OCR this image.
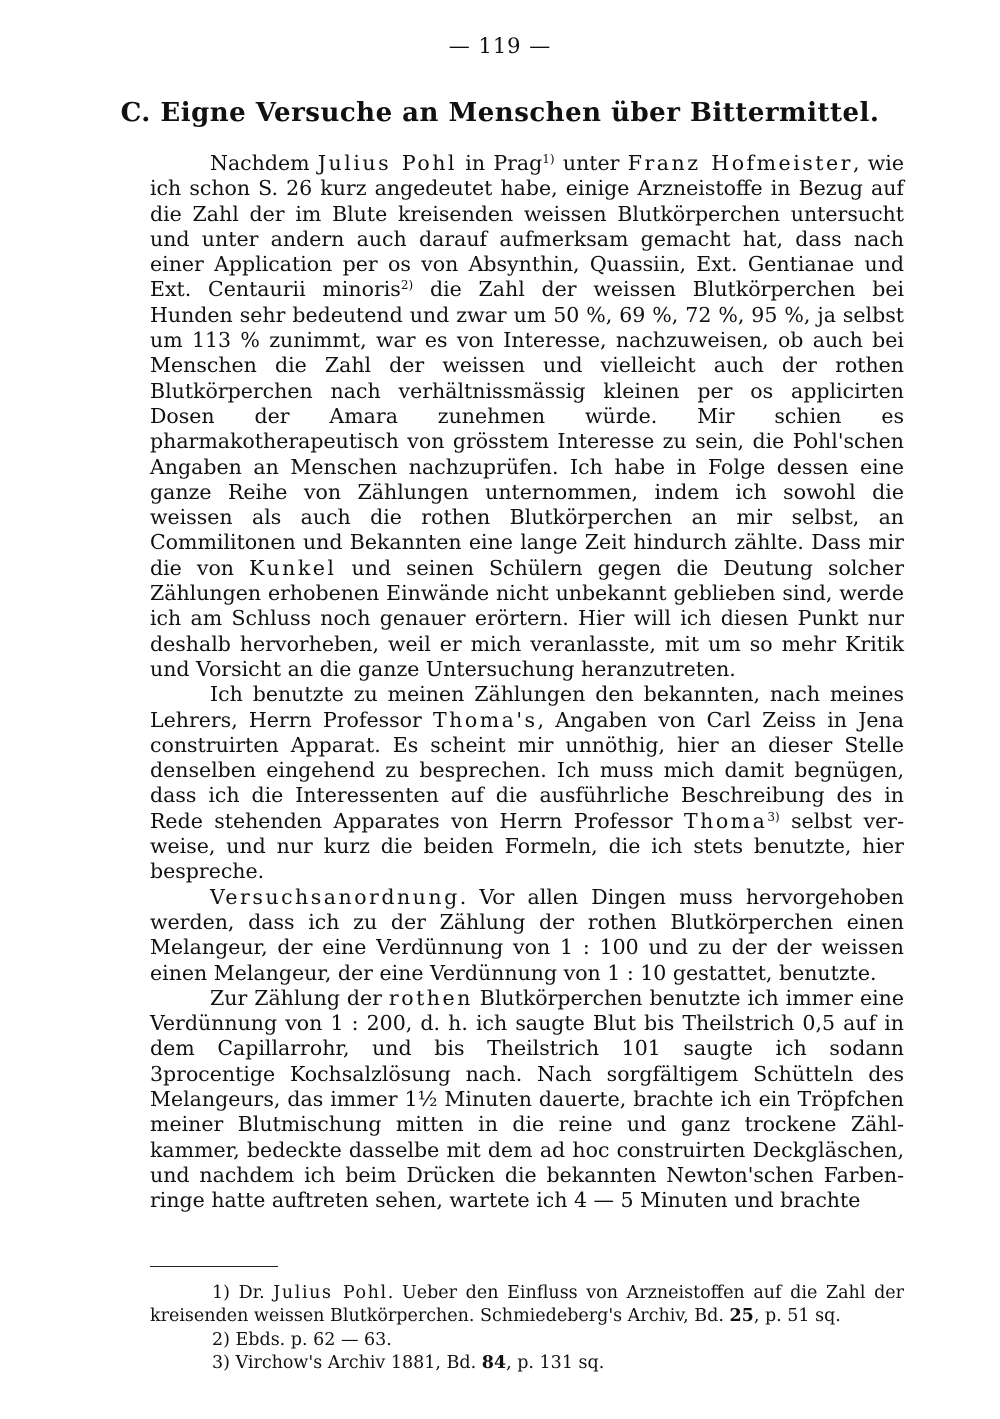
— 119 —
C. Eigne Versuche an Menschen über Bittermittel.

Nachdem Julius Pohl in Prag$^{1)}$ unter Franz Hofmeister, wie ich schon S. 26 kurz angedeutet habe, einige Arzneistoffe in Bezug auf die Zahl der im Blute kreisenden weissen Blutkörperchen untersucht und unter andern auch darauf aufmerksam gemacht hat, dass nach einer Application per os von Absynthin, Quassiin, Ext. Gentianae und Ext. Centaurii minoris$^{2)}$ die Zahl der weissen Blutkörperchen bei Hunden sehr bedeutend und zwar um 50 %, 69 %, 72 %, 95 %, ja selbst um 113 % zunimmt, war es von Interesse, nachzuweisen, ob auch bei Menschen die Zahl der weissen und vielleicht auch der rothen Blutkörperchen nach verhältnissmässig kleinen per os applicirten Dosen der Amara zunehmen würde. Mir schien es pharmakotherapeutisch von grösstem Interesse zu sein, die Pohl'schen Angaben an Menschen nachzuprüfen. Ich habe in Folge dessen eine ganze Reihe von Zählungen unternommen, indem ich sowohl die weissen als auch die rothen Blutkörperchen an mir selbst, an Commilitonen und Bekannten eine lange Zeit hindurch zählte. Dass mir die von Kunkel und seinen Schülern gegen die Deutung solcher Zählungen erhobenen Einwände nicht unbekannt geblieben sind, werde ich am Schluss noch genauer erörtern. Hier will ich diesen Punkt nur deshalb hervorheben, weil er mich veranlasste, mit um so mehr Kritik und Vorsicht an die ganze Untersuchung heranzutreten.

Ich benutzte zu meinen Zählungen den bekannten, nach meines Lehrers, Herrn Professor Thoma's, Angaben von Carl Zeiss in Jena construirten Apparat. Es scheint mir unnöthig, hier an dieser Stelle denselben eingehend zu besprechen. Ich muss mich damit begnügen, dass ich die Interessenten auf die ausführliche Beschreibung des in Rede stehenden Apparates von Herrn Professor Thoma$^{3)}$ selbst verweise, und nur kurz die beiden Formeln, die ich stets benutzte, hier bespreche.

Versuchsanordnung. Vor allen Dingen muss hervorgehoben werden, dass ich zu der Zählung der rothen Blutkörperchen einen Melangeur, der eine Verdünnung von 1 : 100 und zu der der weissen einen Melangeur, der eine Verdünnung von 1 : 10 gestattet, benutzte.

Zur Zählung der rothen Blutkörperchen benutzte ich immer eine Verdünnung von 1 : 200, d. h. ich saugte Blut bis Theilstrich 0,5 auf in dem Capillarrohr, und bis Theilstrich 101 saugte ich sodann 3procentige Kochsalzlösung nach. Nach sorgfältigem Schütteln des Melangeurs, das immer 1½ Minuten dauerte, brachte ich ein Tröpfchen meiner Blutmischung mitten in die reine und ganz trockene Zählkammer, bedeckte dasselbe mit dem ad hoc construirten Deckgläschen, und nachdem ich beim Drücken die bekannten Newton'schen Farbenringe hatte auftreten sehen, wartete ich 4 — 5 Minuten und brachte

1) Dr. Julius Pohl. Ueber den Einfluss von Arzneistoffen auf die Zahl der kreisenden weissen Blutkörperchen. Schmiedeberg's Archiv, Bd. 25, p. 51 sq.

2) Ebds. p. 62 — 63.

3) Virchow's Archiv 1881, Bd. 84, p. 131 sq.
